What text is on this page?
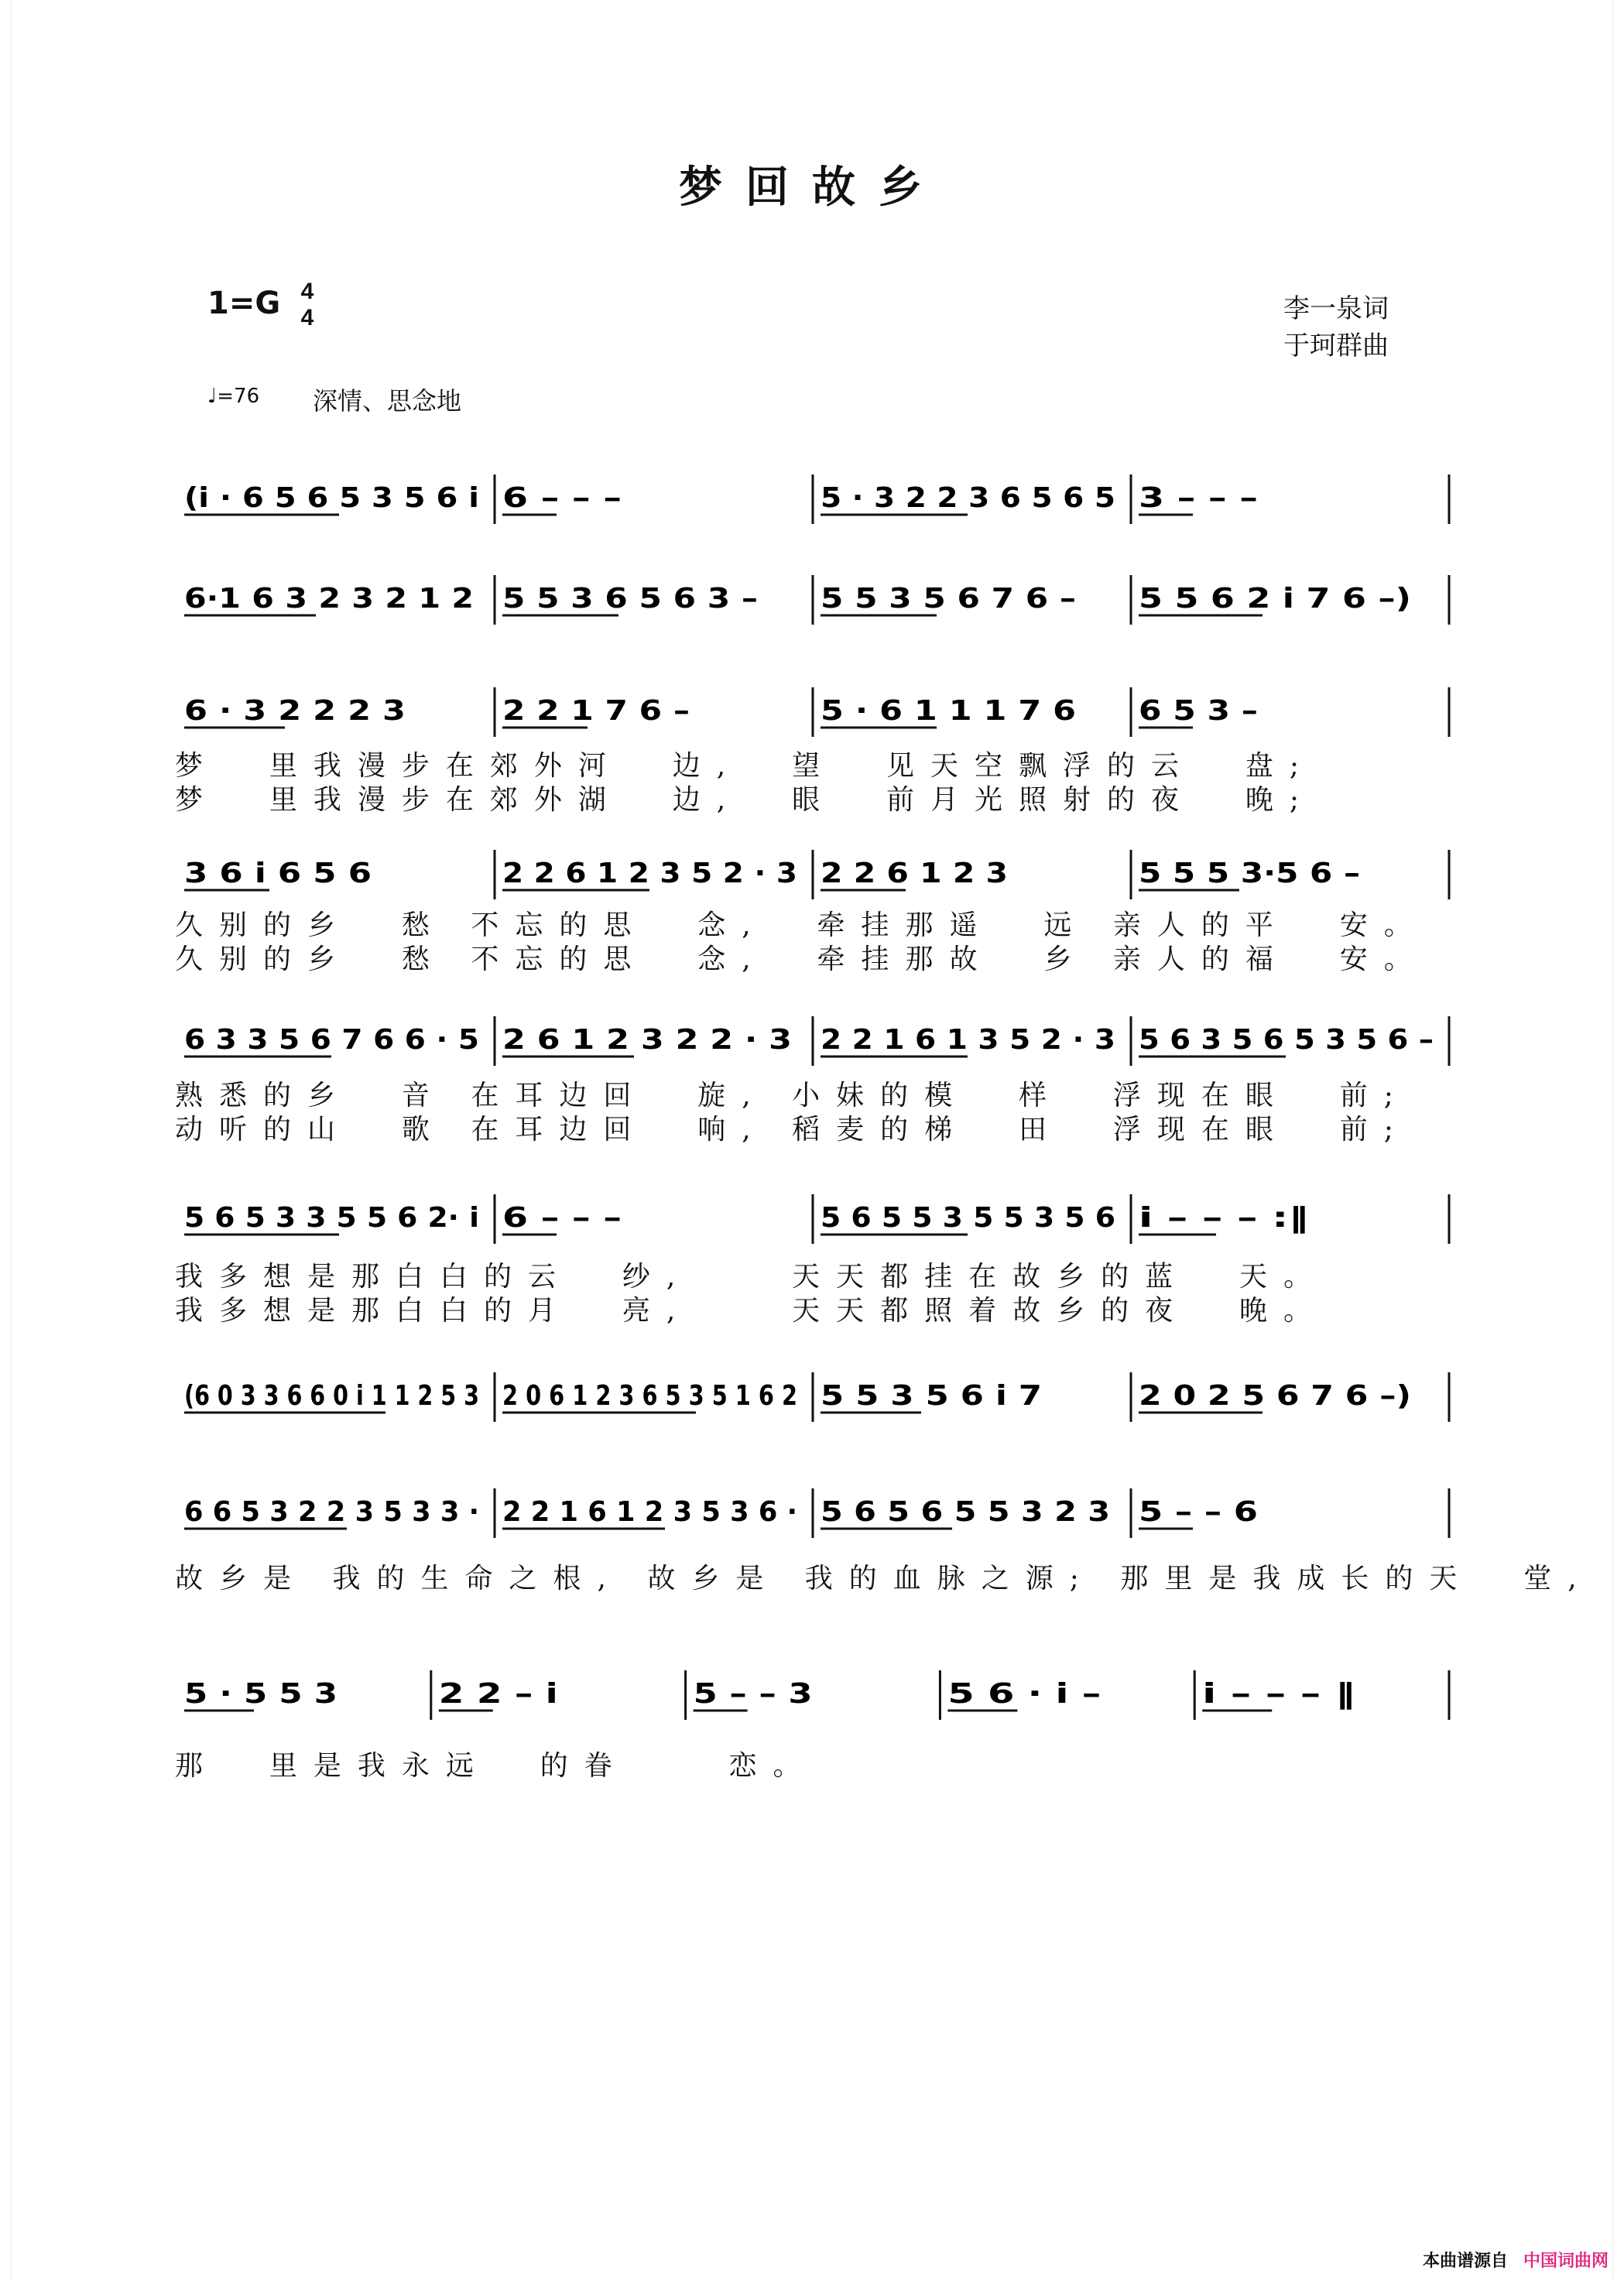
梦回故乡
1=G 4
4	李一泉词
于珂群曲
♩=76 深情、思念地
(i · 6 5 6 5 3 5 6 i 6 – – –	5 · 3 2 2 3 6 5 6 5 3 – – –
6·1 6 3 2 3 2 1 2 5 5 3 6 5 6 3 – 5 5 3 5 6 7 6 – 5 5 6 2 i 7 6 –)
6 · 3 2 2 2 3	2 2 1 7 6 –	5 · 6 1 1 1 7 6 6 5 3 –
3 6 i 6 5 6	2 2 6 1 2 3 5 2 · 3 2 2 6 1 2 3	5 5 5 3·5 6 –
6 3 3 5 6 7 6 6 · 5 2 6 1 2 3 2 2 · 3 2 2 1 6 1 3 5 2 · 3 5 6 3 5 6 5 3 5 6 –
5 6 5 3 3 5 5 6 2· i 6 – – –	5 6 5 5 3 5 5 3 5 6 i – – – :‖
(6 0 3 3 6 6 0 i 1 1 2 5 3 2 0 6 1 2 3 6 5 3 5 1 6 2 5 5 3 5 6 i 7	2 0 2 5 6 7 6 –)
6 6 5 3 2 2 3 5 3 3 · 2 2 1 6 1 2 3 5 3 6 · 5 6 5 6 5 5 3 2 3 5 – – 6
5 · 5 5 3	2 2 – i	5 – – 3	5 6 · i –	i – – – ‖
梦  里我漫步在郊外河  边,  望  见天空飘浮的云  盘;
梦  里我漫步在郊外湖  边,  眼  前月光照射的夜  晚;
久别的乡  愁 不忘的思  念,  牵挂那遥  远 亲人的平  安。
久别的乡  愁 不忘的思  念,  牵挂那故  乡 亲人的福  安。
熟悉的乡  音 在耳边回  旋, 小妹的模  样  浮现在眼  前;
动听的山  歌 在耳边回  响, 稻麦的梯  田  浮现在眼  前;
我多想是那白白的云  纱,    天天都挂在故乡的蓝  天。
我多想是那白白的月  亮,    天天都照着故乡的夜  晚。
故乡是 我的生命之根, 故乡是 我的血脉之源; 那里是我成长的天  堂,
那  里是我永远  的眷    恋。
本曲谱源自 中国词曲网
